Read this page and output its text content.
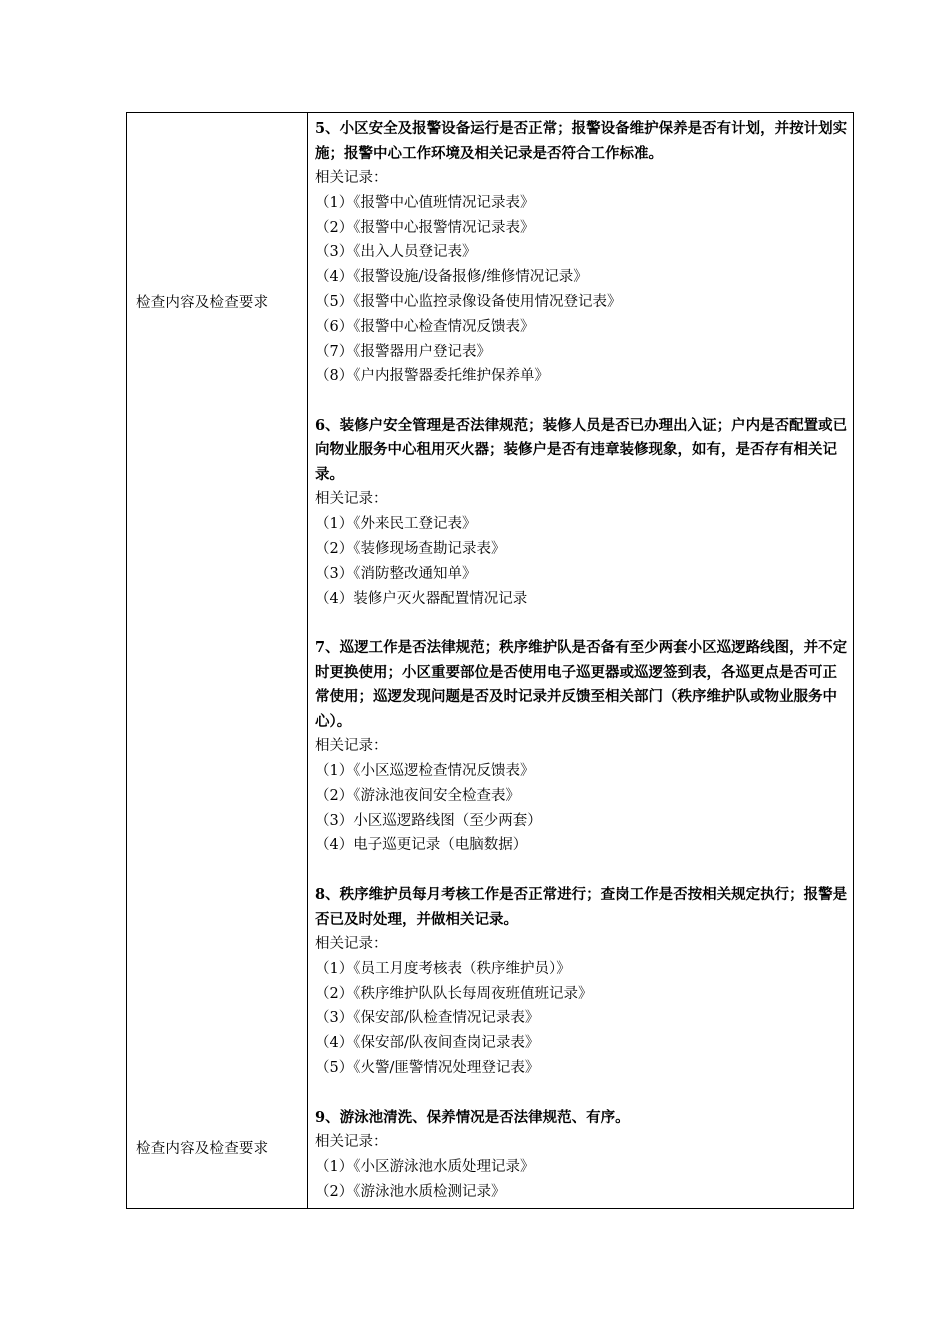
检查内容及检查要求
检查内容及检查要求
5、小区安全及报警设备运行是否正常；报警设备维护保养是否有计划，并按计划实施；报警中心工作环境及相关记录是否符合工作标准。
相关记录：
（1）《报警中心值班情况记录表》
（2）《报警中心报警情况记录表》
（3）《出入人员登记表》
（4）《报警设施/设备报修/维修情况记录》
（5）《报警中心监控录像设备使用情况登记表》
（6）《报警中心检查情况反馈表》
（7）《报警器用户登记表》
（8）《户内报警器委托维护保养单》
6、装修户安全管理是否法律规范；装修人员是否已办理出入证；户内是否配置或已向物业服务中心租用灭火器；装修户是否有违章装修现象，如有，是否存有相关记录。
相关记录：
（1）《外来民工登记表》
（2）《装修现场查勘记录表》
（3）《消防整改通知单》
（4）装修户灭火器配置情况记录
7、巡逻工作是否法律规范；秩序维护队是否备有至少两套小区巡逻路线图，并不定时更换使用；小区重要部位是否使用电子巡更器或巡逻签到表，各巡更点是否可正常使用；巡逻发现问题是否及时记录并反馈至相关部门（秩序维护队或物业服务中心）。
相关记录：
（1）《小区巡逻检查情况反馈表》
（2）《游泳池夜间安全检查表》
（3）小区巡逻路线图（至少两套）
（4）电子巡更记录（电脑数据）
8、秩序维护员每月考核工作是否正常进行；查岗工作是否按相关规定执行；报警是否已及时处理，并做相关记录。
相关记录：
（1）《员工月度考核表（秩序维护员）》
（2）《秩序维护队队长每周夜班值班记录》
（3）《保安部/队检查情况记录表》
（4）《保安部/队夜间查岗记录表》
（5）《火警/匪警情况处理登记表》
9、游泳池清洗、保养情况是否法律规范、有序。
相关记录：
（1）《小区游泳池水质处理记录》
（2）《游泳池水质检测记录》
